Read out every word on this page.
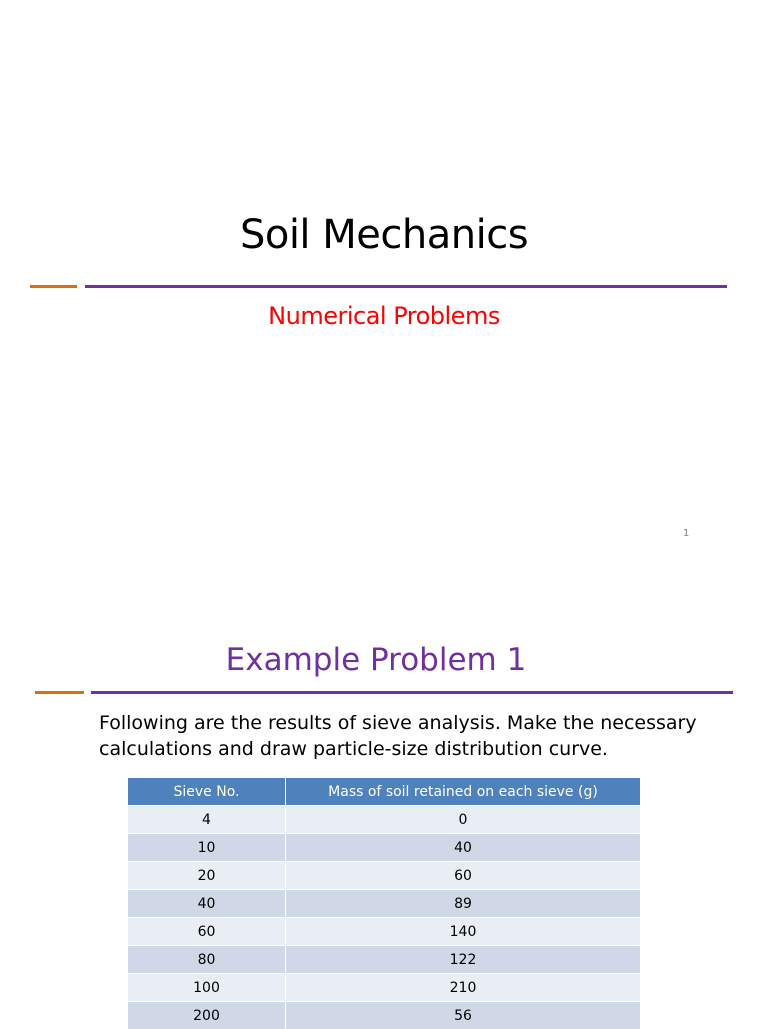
Soil Mechanics
Numerical Problems
1
Example Problem 1
Following are the results of sieve analysis. Make the necessary
calculations and draw particle-size distribution curve.
Sieve No.	Mass of soil retained on each sieve (g)
4	0
10	40
20	60
40	89
60	140
80	122
100	210
200	56
